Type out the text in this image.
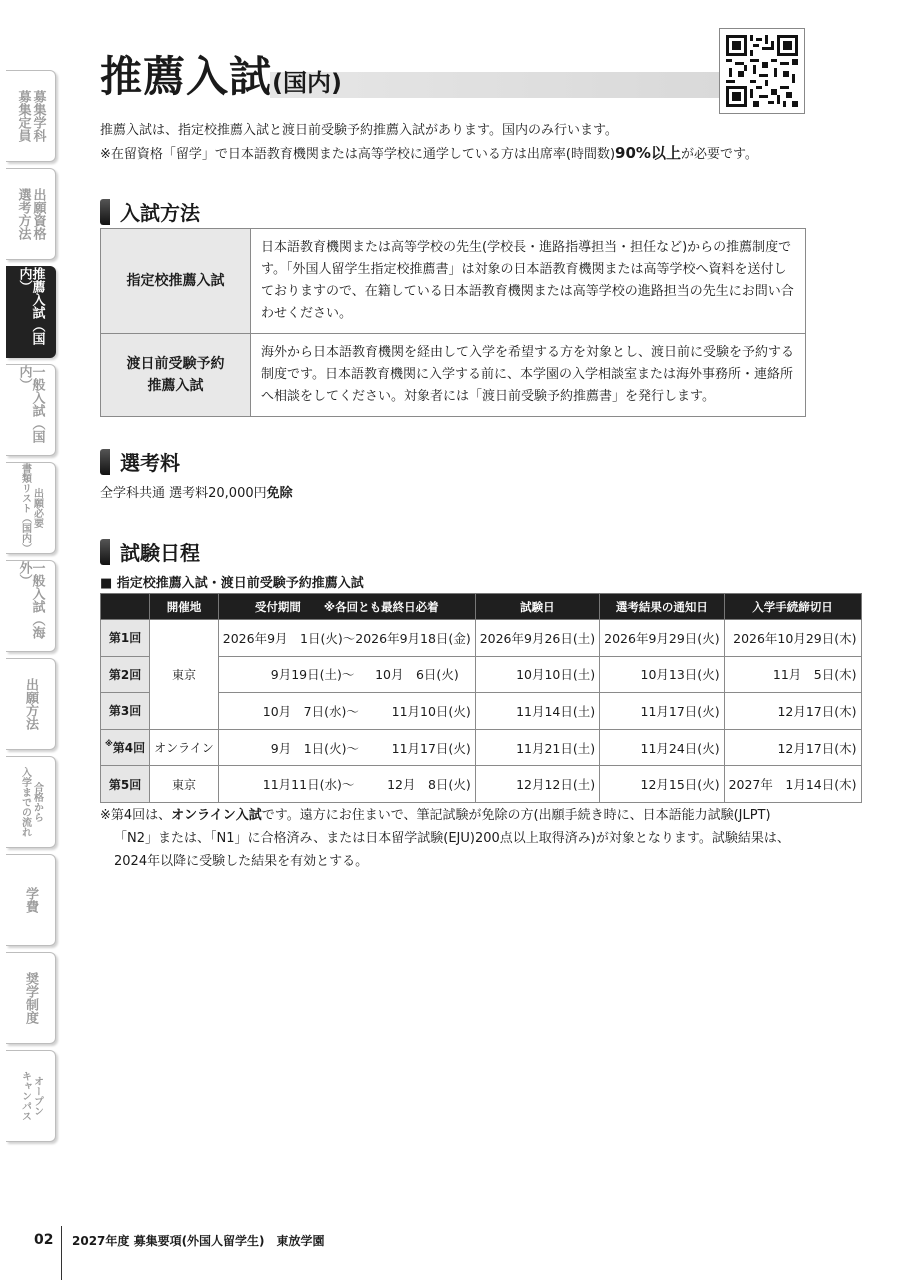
募集定員 募集学科
選考方法 出願資格
推薦入試︵国内︶
一般入試︵国内︶
書類リスト︵国内︶ 出願必要
一般入試︵海外︶
出願方法
入学までの流れ 合格から
学費
奨学制度
キャンパス オープン
推薦入試(国内)
推薦入試は、指定校推薦入試と渡日前受験予約推薦入試があります。国内のみ行います。
※在留資格「留学」で日本語教育機関または高等学校に通学している方は出席率(時間数)90%以上が必要です。
入試方法
指定校推薦入試	日本語教育機関または高等学校の先生(学校長・進路指導担当・担任など)からの推薦制度です。「外国人留学生指定校推薦書」は対象の日本語教育機関または高等学校へ資料を送付しておりますので、在籍している日本語教育機関または高等学校の進路担当の先生にお問い合わせください。
渡日前受験予約
推薦入試	海外から日本語教育機関を経由して入学を希望する方を対象とし、渡日前に受験を予約する制度です。日本語教育機関に入学する前に、本学園の入学相談室または海外事務所・連絡所へ相談をしてください。対象者には「渡日前受験予約推薦書」を発行します。
選考料
全学科共通 選考料20,000円免除
試験日程
■ 指定校推薦入試・渡日前受験予約推薦入試
	開催地	受付期間　　※各回とも最終日必着	試験日	選考結果の通知日	入学手続締切日
第1回	東京	2026年9月　1日(火)〜 2026年9月18日(金)	2026年9月26日(土)	2026年9月29日(火)	2026年10月29日(木)
第2回		9月19日(土)〜 10月　6日(火)	10月10日(土)	10月13日(火)	11月　5日(木)
第3回		10月　7日(水)〜 11月10日(火)	11月14日(土)	11月17日(火)	12月17日(木)
※第4回	オンライン	9月　1日(火)〜 11月17日(火)	11月21日(土)	11月24日(火)	12月17日(木)
第5回	東京	11月11日(水)〜 12月　8日(火)	12月12日(土)	12月15日(火)	2027年　1月14日(木)
※第4回は、オンライン入試です。遠方にお住まいで、筆記試験が免除の方(出願手続き時に、日本語能力試験(JLPT)
「N2」または、「N1」に合格済み、または日本留学試験(EJU)200点以上取得済み)が対象となります。試験結果は、
2024年以降に受験した結果を有効とする。
02 2027年度 募集要項(外国人留学生)　東放学園
